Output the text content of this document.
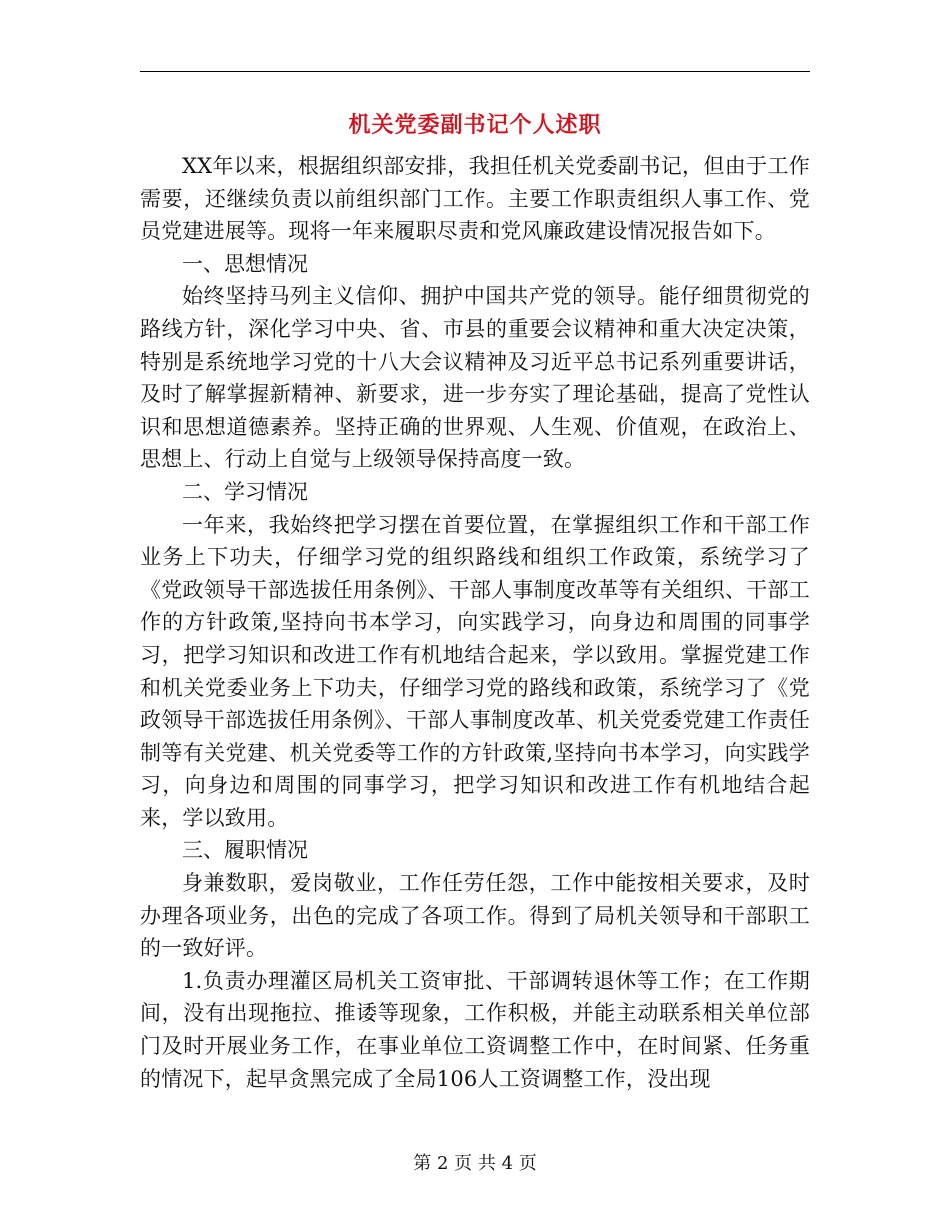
机关党委副书记个人述职

XX年以来，根据组织部安排，我担任机关党委副书记，但由于工作需要，还继续负责以前组织部门工作。主要工作职责组织人事工作、党员党建进展等。现将一年来履职尽责和党风廉政建设情况报告如下。

一、思想情况

始终坚持马列主义信仰、拥护中国共产党的领导。能仔细贯彻党的路线方针，深化学习中央、省、市县的重要会议精神和重大决定决策，特别是系统地学习党的十八大会议精神及习近平总书记系列重要讲话，及时了解掌握新精神、新要求，进一步夯实了理论基础，提高了党性认识和思想道德素养。坚持正确的世界观、人生观、价值观，在政治上、思想上、行动上自觉与上级领导保持高度一致。

二、学习情况

一年来，我始终把学习摆在首要位置，在掌握组织工作和干部工作业务上下功夫，仔细学习党的组织路线和组织工作政策，系统学习了《党政领导干部选拔任用条例》、干部人事制度改革等有关组织、干部工作的方针政策,坚持向书本学习，向实践学习，向身边和周围的同事学习，把学习知识和改进工作有机地结合起来，学以致用。掌握党建工作和机关党委业务上下功夫，仔细学习党的路线和政策，系统学习了《党政领导干部选拔任用条例》、干部人事制度改革、机关党委党建工作责任制等有关党建、机关党委等工作的方针政策,坚持向书本学习，向实践学习，向身边和周围的同事学习，把学习知识和改进工作有机地结合起来，学以致用。

三、履职情况

身兼数职，爱岗敬业，工作任劳任怨，工作中能按相关要求，及时办理各项业务，出色的完成了各项工作。得到了局机关领导和干部职工的一致好评。

1.负责办理灌区局机关工资审批、干部调转退休等工作；在工作期间，没有出现拖拉、推诿等现象，工作积极，并能主动联系相关单位部门及时开展业务工作，在事业单位工资调整工作中，在时间紧、任务重的情况下，起早贪黑完成了全局106人工资调整工作，没出现

第 2 页 共 4 页
